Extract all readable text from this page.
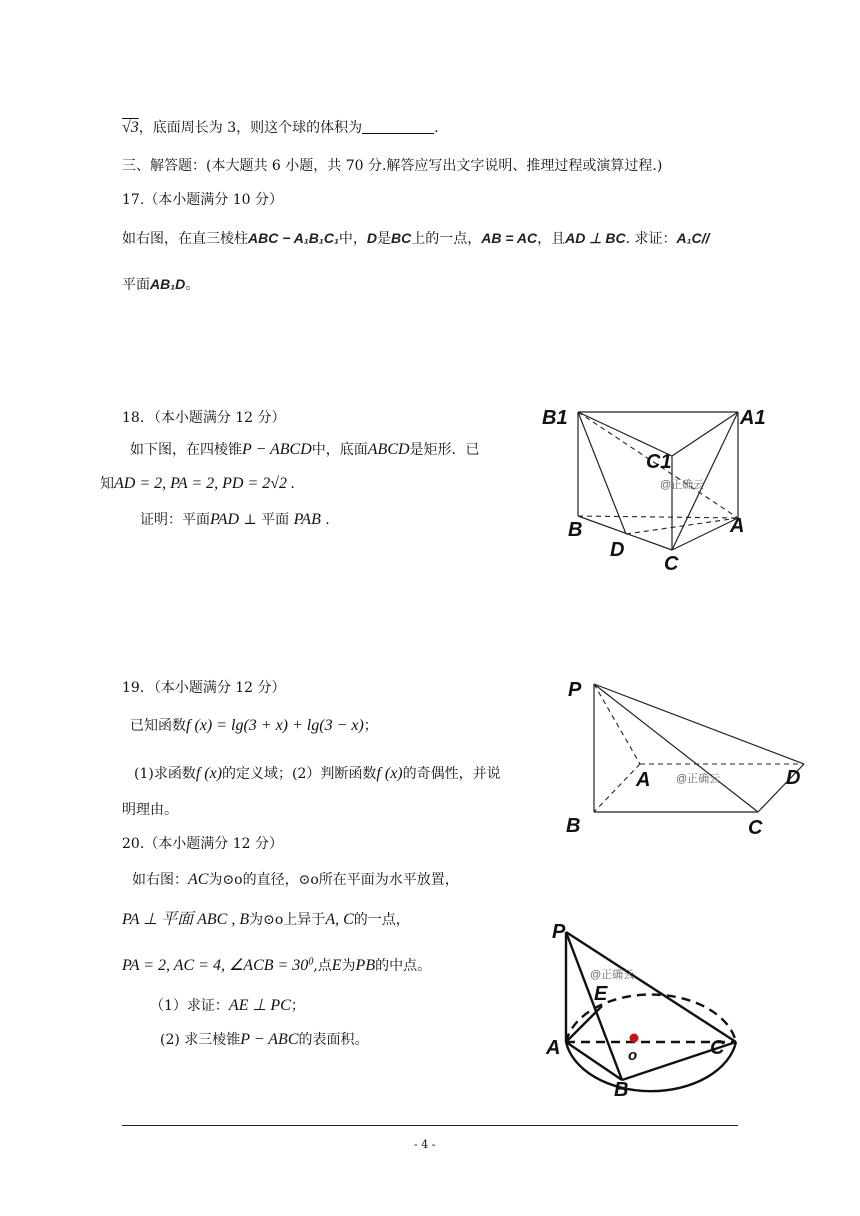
√3，底面周长为 3，则这个球的体积为	.
三、解答题：(本大题共 6 小题，共 70 分.解答应写出文字说明、推理过程或演算过程.)
17.（本小题满分 10 分）
如右图，在直三棱柱ABC − A₁B₁C₁中，D是BC上的一点，AB = AC，且AD ⊥ BC. 求证：A₁C//
平面AB₁D。
18．（本小题满分 12 分）
如下图，在四棱锥P − ABCD中，底面ABCD是矩形．已
知AD = 2, PA = 2, PD = 2√2 .
证明：平面PAD ⊥ 平面 PAB .
19．（本小题满分 12 分）
已知函数f (x) = lg(3 + x) + lg(3 − x)；
(1)求函数f (x)的定义域；(2）判断函数f (x)的奇偶性，并说
明理由。
20.（本小题满分 12 分）
如右图：AC为⊙o的直径，⊙o所在平面为水平放置，
PA ⊥ 平面 ABC , B为⊙o上异于A, C的一点，
PA = 2, AC = 4, ∠ACB = $30^0$,点E为PB的中点。
（1）求证：AE ⊥ PC；
(2) 求三棱锥P − ABC的表面积。
B1	A1
C1
B	A
D
C
@正确云
P
A	D
B	C
@正确云
P
E
A	C
o
B
@正确云
- 4 -
